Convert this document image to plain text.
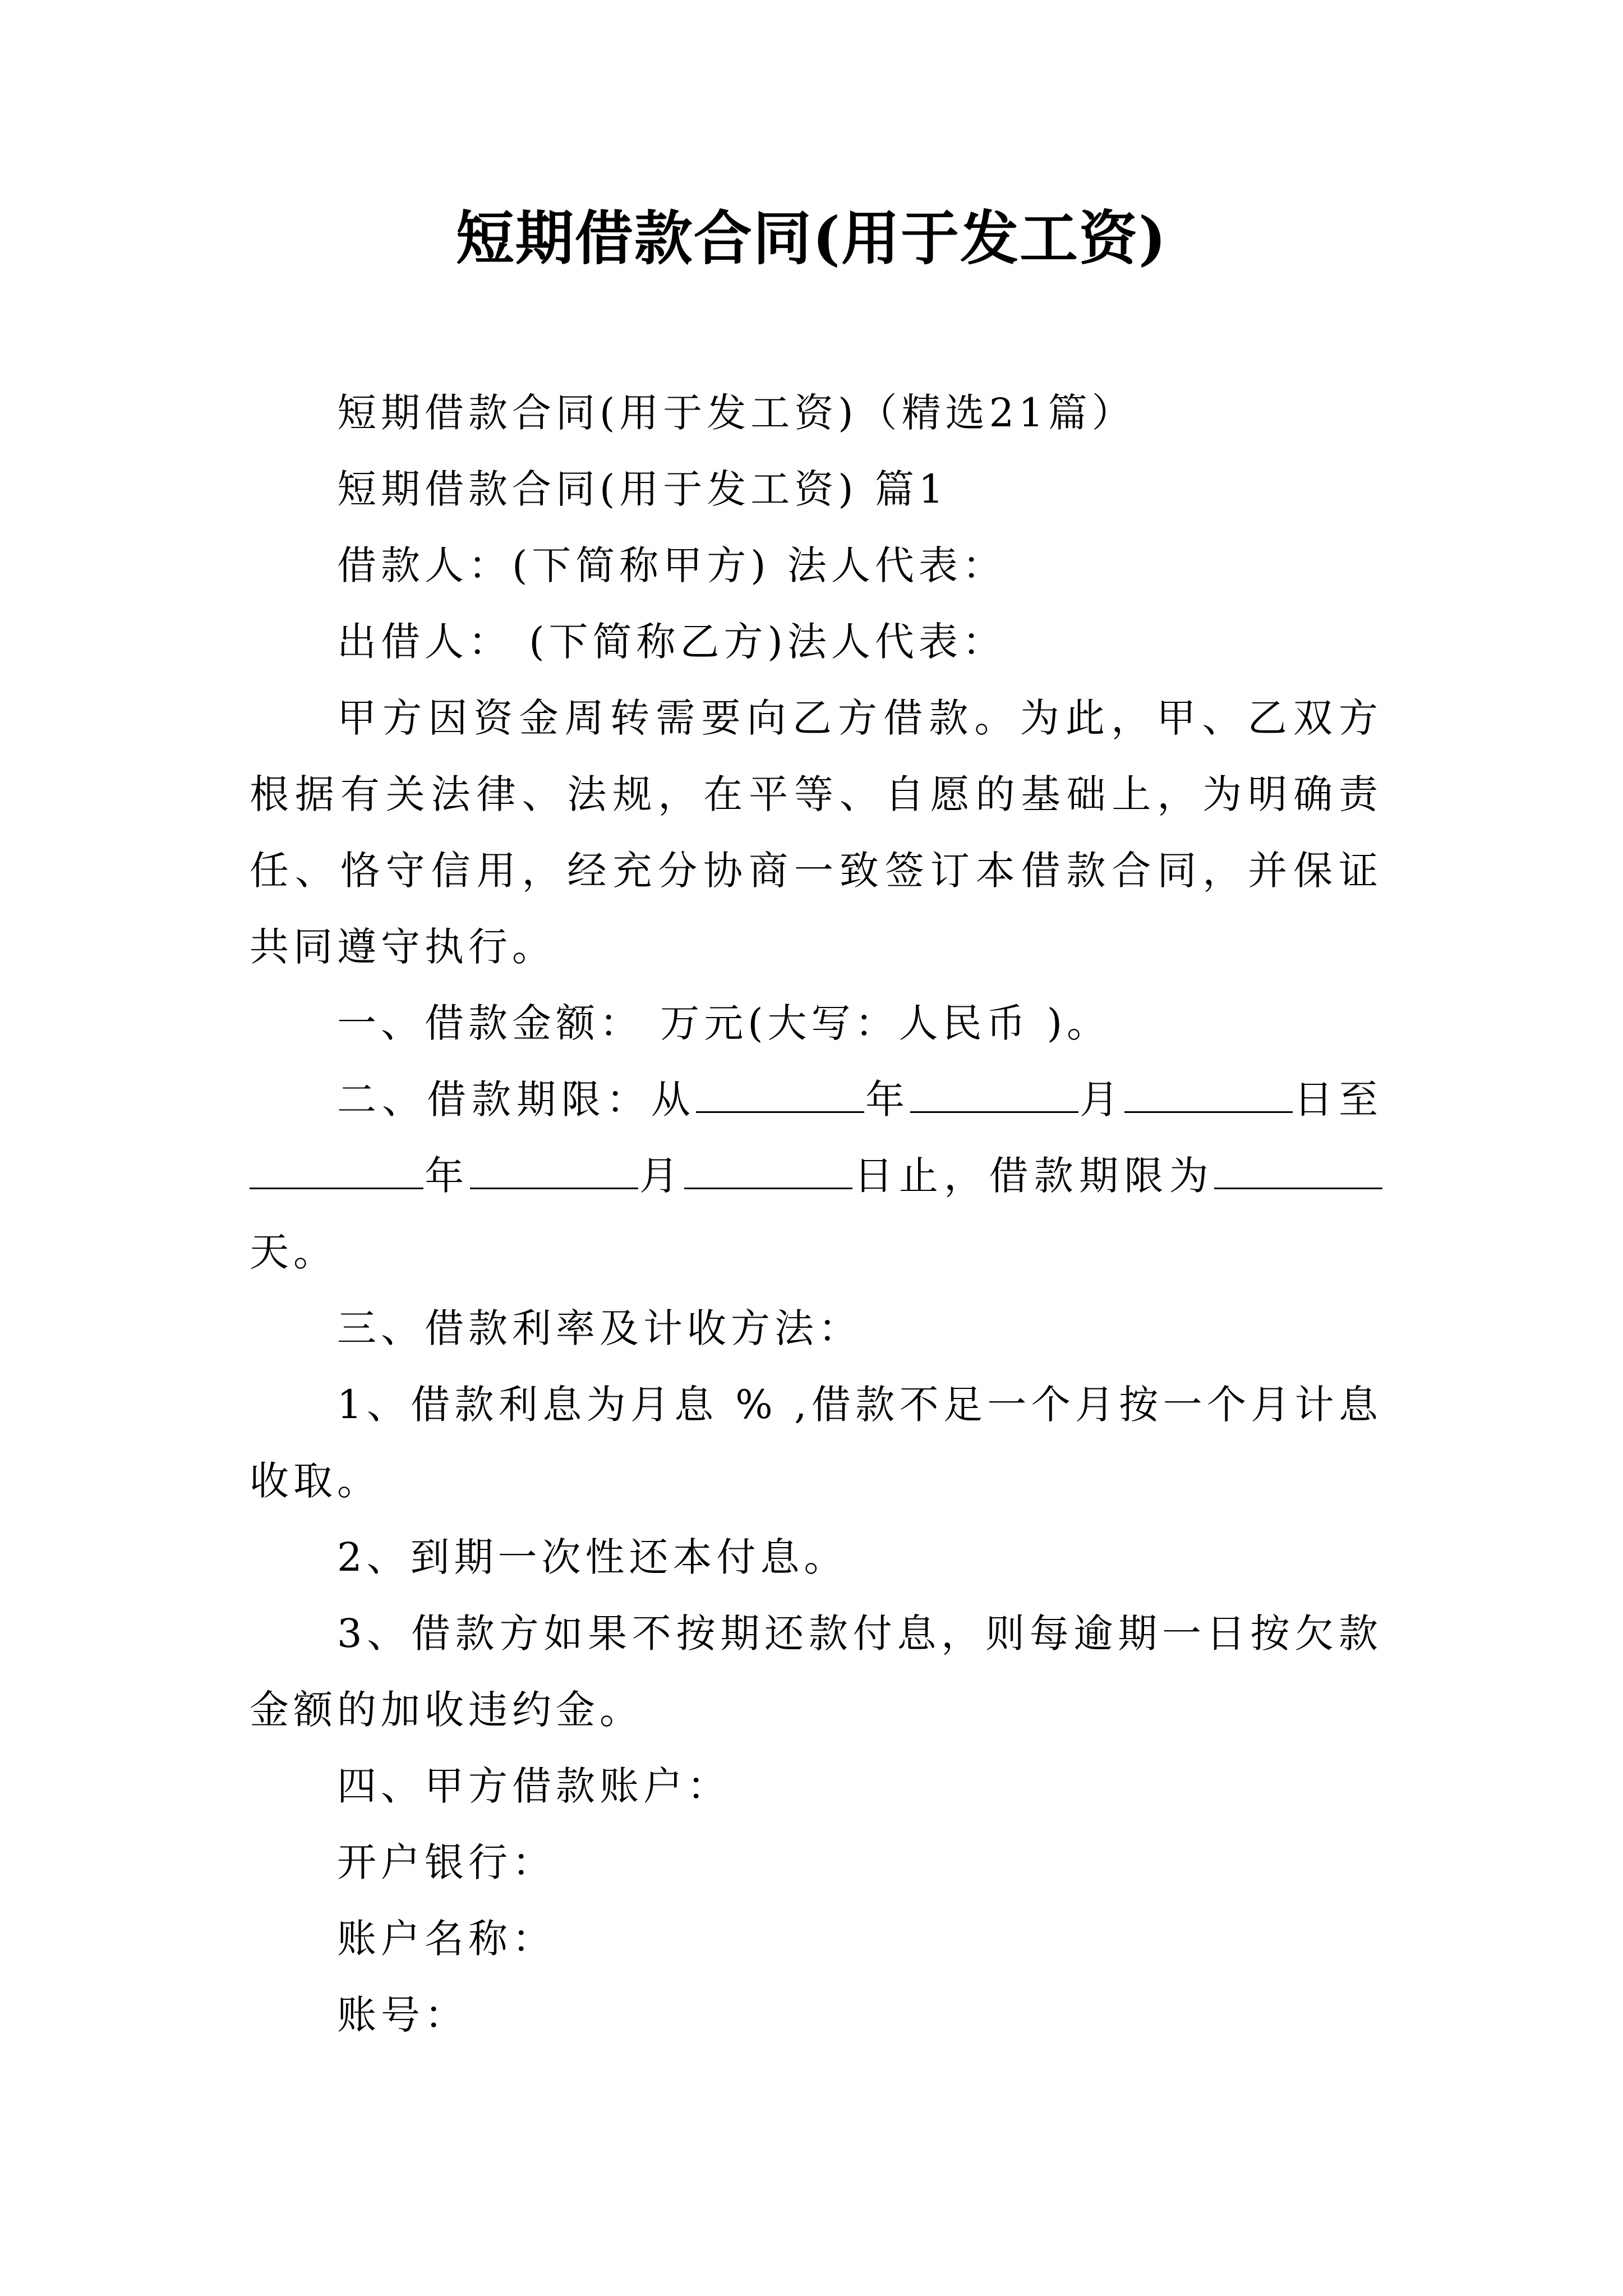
短期借款合同(用于发工资)

短期借款合同(用于发工资)（精选21篇）

短期借款合同(用于发工资) 篇1

借款人：(下简称甲方) 法人代表：

出借人： (下简称乙方)法人代表：

甲方因资金周转需要向乙方借款。为此，甲、乙双方根据有关法律、法规，在平等、自愿的基础上，为明确责任、恪守信用，经充分协商一致签订本借款合同，并保证共同遵守执行。

一、借款金额： 万元(大写：人民币 )。

二、借款期限：从	年	月	日至年	月	日止，借款期限为天。

三、借款利率及计收方法：

1、借款利息为月息 % ,借款不足一个月按一个月计息收取。

2、到期一次性还本付息。

3、借款方如果不按期还款付息，则每逾期一日按欠款金额的加收违约金。

四、甲方借款账户：

开户银行：

账户名称：

账号：
